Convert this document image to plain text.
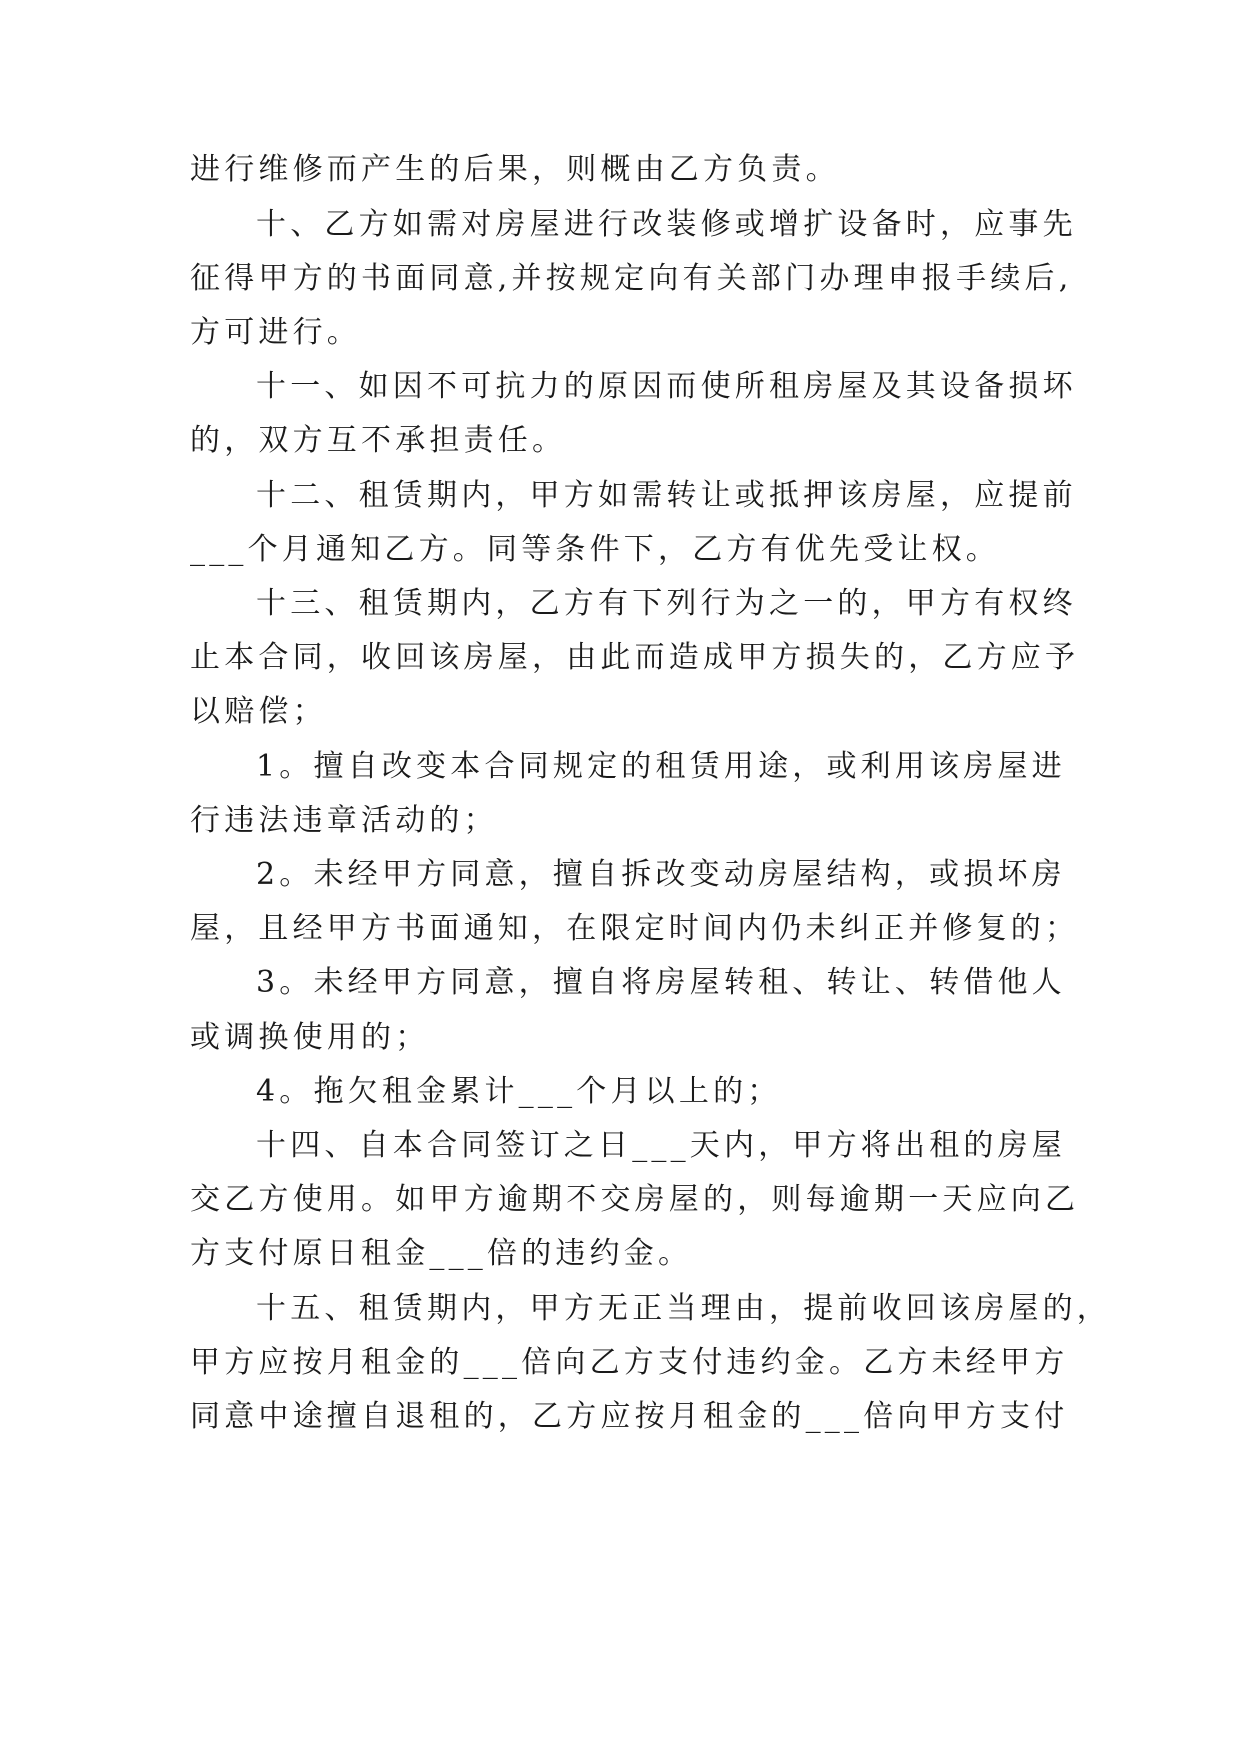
进行维修而产生的后果，则概由乙方负责。
十、乙方如需对房屋进行改装修或增扩设备时，应事先
征得甲方的书面同意,并按规定向有关部门办理申报手续后,
方可进行。
十一、如因不可抗力的原因而使所租房屋及其设备损坏
的，双方互不承担责任。
十二、租赁期内，甲方如需转让或抵押该房屋，应提前
___个月通知乙方。同等条件下，乙方有优先受让权。
十三、租赁期内，乙方有下列行为之一的，甲方有权终
止本合同，收回该房屋，由此而造成甲方损失的，乙方应予
以赔偿；
1。擅自改变本合同规定的租赁用途，或利用该房屋进
行违法违章活动的；
2。未经甲方同意，擅自拆改变动房屋结构，或损坏房
屋，且经甲方书面通知，在限定时间内仍未纠正并修复的；
3。未经甲方同意，擅自将房屋转租、转让、转借他人
或调换使用的；
4。拖欠租金累计___个月以上的；
十四、自本合同签订之日___天内，甲方将出租的房屋
交乙方使用。如甲方逾期不交房屋的，则每逾期一天应向乙
方支付原日租金___倍的违约金。
十五、租赁期内，甲方无正当理由，提前收回该房屋的，
甲方应按月租金的___倍向乙方支付违约金。乙方未经甲方
同意中途擅自退租的，乙方应按月租金的___倍向甲方支付
